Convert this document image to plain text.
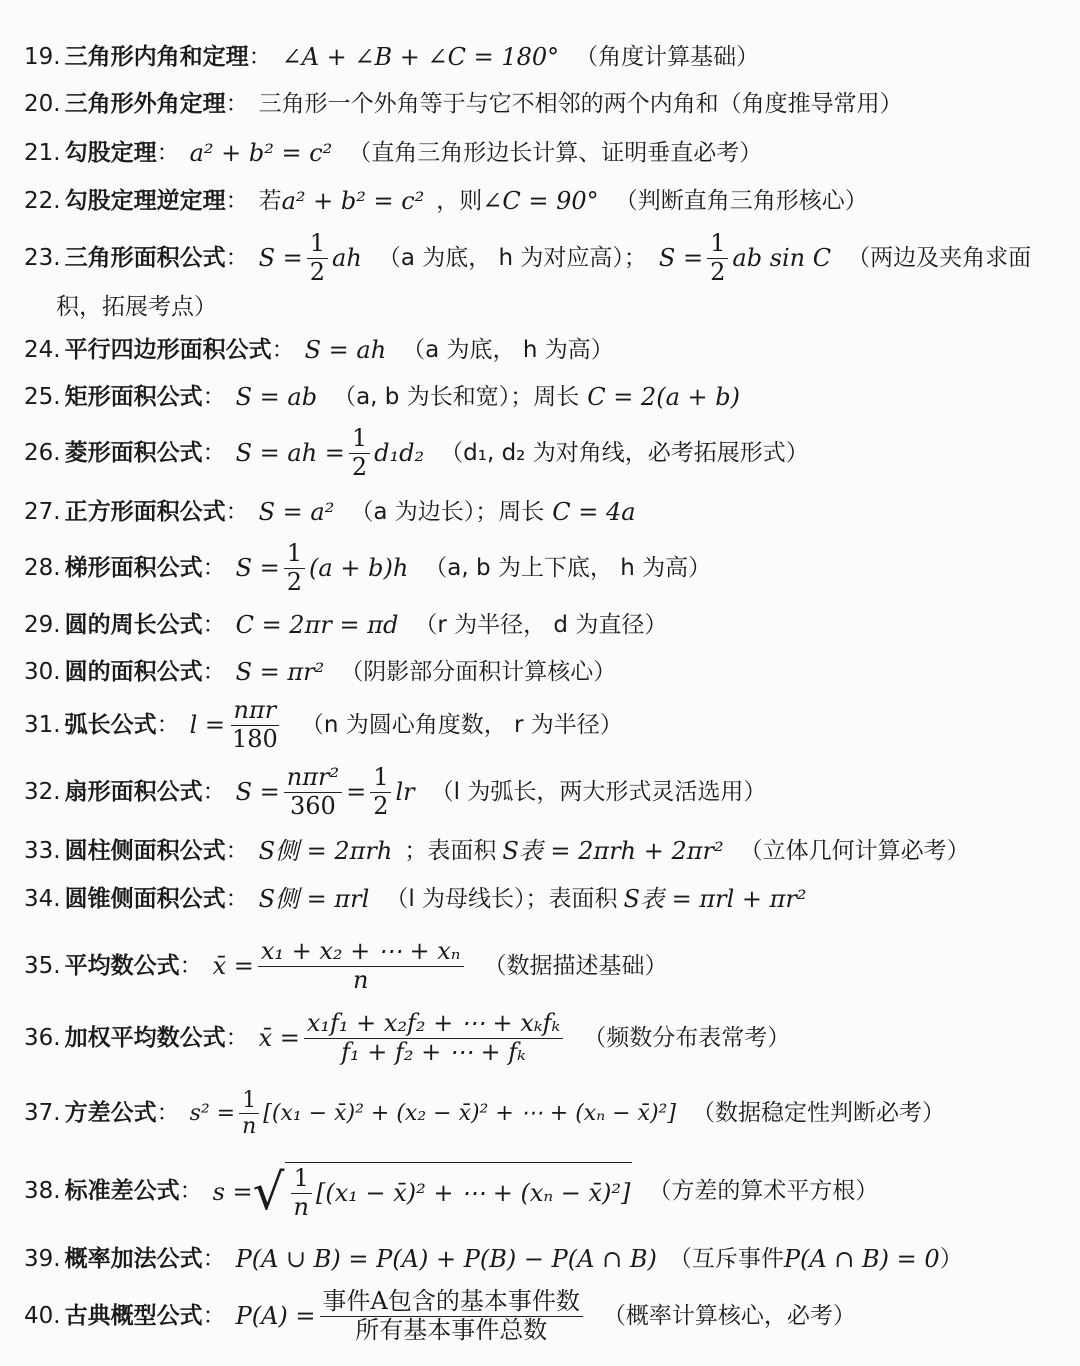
19. 三角形内角和定理 ： ∠A + ∠B + ∠C = 180° （角度计算基础）
20. 三角形外角定理 ： 三角形一个外角等于与它不相邻的两个内角和（角度推导常用）
21. 勾股定理 ： a² + b² = c² （直角三角形边长计算、证明垂直必考）
22. 勾股定理逆定理 ： 若 a² + b² = c² ，则 ∠C = 90° （判断直角三角形核心）
23. 三角形面积公式 ： $S = \frac{1}{2}$ ah （a 为底， h 为对应高）； $S = \frac{1}{2}$ ab sin C （两边及夹角求面
积，拓展考点）
24. 平行四边形面积公式 ： S = ah （a 为底， h 为高）
25. 矩形面积公式 ： S = ab （a, b 为长和宽）；周长 C = 2(a + b)
26. 菱形面积公式 ： S = ah = $\frac{1}{2} d_1d_2$ （d₁, d₂ 为对角线，必考拓展形式）
27. 正方形面积公式 ： S = a² （a 为边长）；周长 C = 4a
28. 梯形面积公式 ： $S = \frac{1}{2} (a + b)h$ （a, b 为上下底， h 为高）
29. 圆的周长公式 ： C = 2πr = πd （r 为半径， d 为直径）
30. 圆的面积公式 ： S = πr² （阴影部分面积计算核心）
31. 弧长公式 ： $l = \frac{\text{nπr}}{180} (n$ 为圆心角度数， r 为半径）
32. 扇形面积公式 ： $S = \frac{\text{nπr²}}{360} = \frac{1}{2}$ lr （l 为弧长，两大形式灵活选用）
33. 圆柱侧面积公式 ： S侧 = 2πrh ；表面积 S表 = 2πrh + 2πr² （立体几何计算必考）
34. 圆锥侧面积公式 ： S侧 = πrl （l 为母线长）；表面积 S表 = πrl + πr²
35. 平均数公式 ： x̄ = $\frac{\text{x₁ + x₂ + ⋯ + xₙ}}{n}$ （数据描述基础）
36. 加权平均数公式 ： x̄ = $\frac{\text{x₁f₁ + x₂f₂ + ⋯ + xₖfₖ}}{\text{f₁ + f₂ + ⋯ + fₖ}}$ （频数分布表常考）
37. 方差公式 ： $s^2 = \frac{1}{n} [(x_1$ − x̄)² + (x₂ − x̄)² + ⋯ + (xₙ − x̄)²] （数据稳定性判断必考）
38. 标准差公式 ： s = √ $\frac{1}{n} [(x_1$ − x̄)² + ⋯ + (xₙ − x̄)²] （方差的算术平方根）
39. 概率加法公式 ： P(A ∪ B) = P(A) + P(B) − P(A ∩ B) （互斥事件 P(A ∩ B) = 0 ）
40. 古典概型公式 ： $P(A) = \frac{\text{事件A包含的基本事件数}}{\text{所有基本事件总数}}$ （概率计算核心，必考）
